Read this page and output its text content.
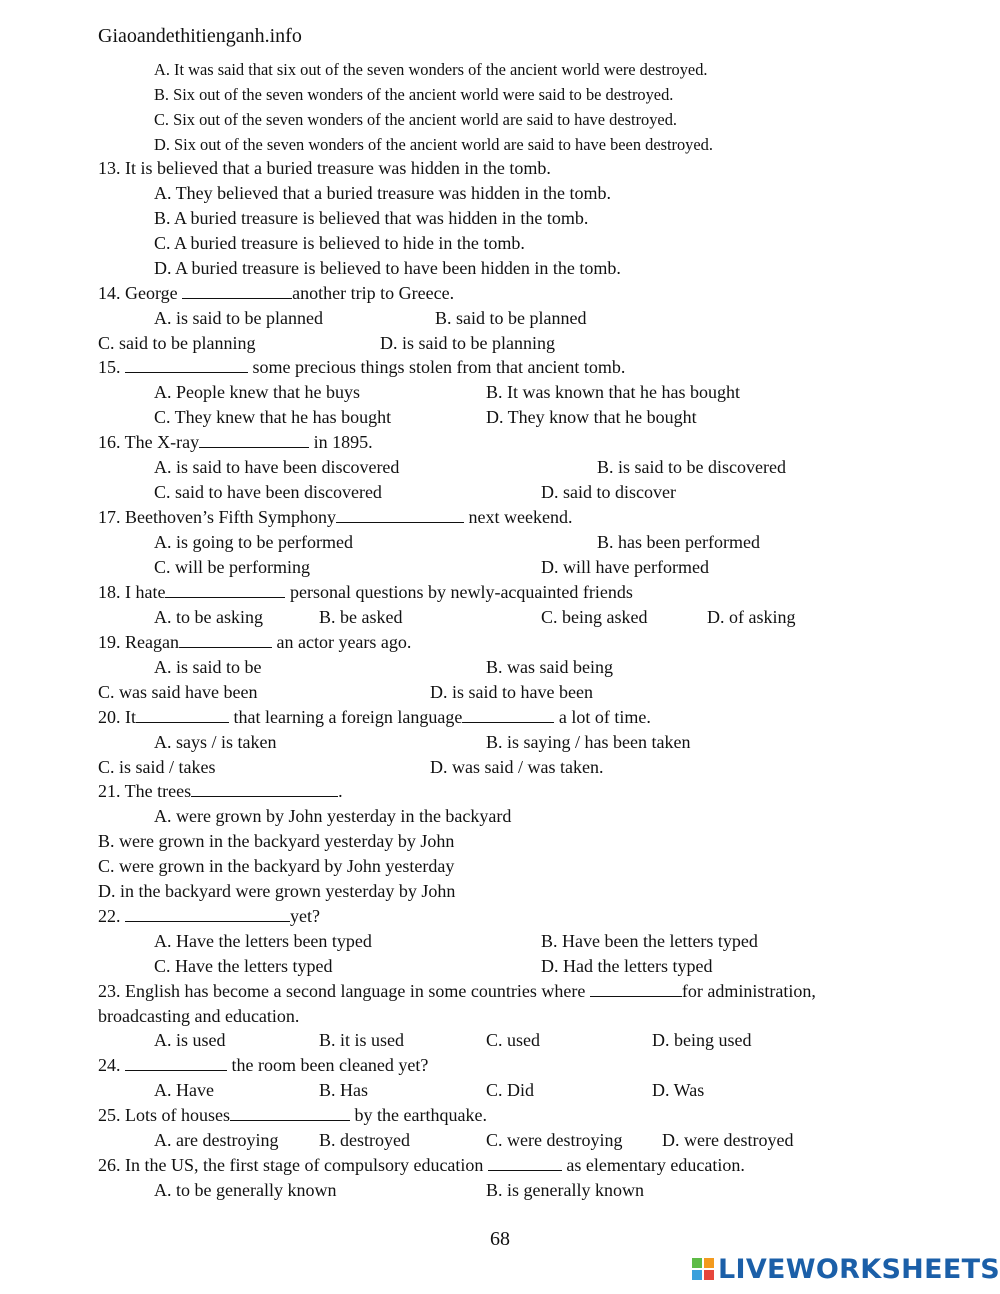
Giaoandethitienganh.info
A. It was said that six out of the seven wonders of the ancient world were destroyed.
B. Six out of the seven wonders of the ancient world were said to be destroyed.
C. Six out of the seven wonders of the ancient world are said to have destroyed.
D. Six out of the seven wonders of the ancient world are said to have been destroyed.
13. It is believed that a buried treasure was hidden in the tomb.
A. They believed that a buried treasure was hidden in the tomb.
B. A buried treasure is believed that was hidden in the tomb.
C. A buried treasure is believed to hide in the tomb.
D. A buried treasure is believed to have been hidden in the tomb.
14. George	another trip to Greece.
A. is said to be planned	B. said to be planned
C. said to be planning	D. is said to be planning
15.	some precious things stolen from that ancient tomb.
A. People knew that he buys	B. It was known that he has bought
C. They knew that he has bought	D. They know that he bought
16. The X-ray	in 1895.
A. is said to have been discovered	B. is said to be discovered
C. said to have been discovered	D. said to discover
17. Beethoven’s Fifth Symphony	next weekend.
A. is going to be performed	B. has been performed
C. will be performing	D. will have performed
18. I hate	personal questions by newly-acquainted friends
A. to be asking	B. be asked	C. being asked	D. of asking
19. Reagan	an actor years ago.
A. is said to be	B. was said being
C. was said have been	D. is said to have been
20. It	that learning a foreign language	a lot of time.
A. says / is taken	B. is saying / has been taken
C. is said / takes	D. was said / was taken.
21. The trees	.
A. were grown by John yesterday in the backyard
B. were grown in the backyard yesterday by John
C. were grown in the backyard by John yesterday
D. in the backyard were grown yesterday by John
22.	yet?
A. Have the letters been typed	B. Have been the letters typed
C. Have the letters typed	D. Had the letters typed
23. English has become a second language in some countries where	for administration,
broadcasting and education.
A. is used	B. it is used	C. used	D. being used
24.	the room been cleaned yet?
A. Have	B. Has	C. Did	D. Was
25. Lots of houses	by the earthquake.
A. are destroying B. destroyed	C. were destroying D. were destroyed
26. In the US, the first stage of compulsory education	as elementary education.
A. to be generally known	B. is generally known
68
LIVEWORKSHEETS
